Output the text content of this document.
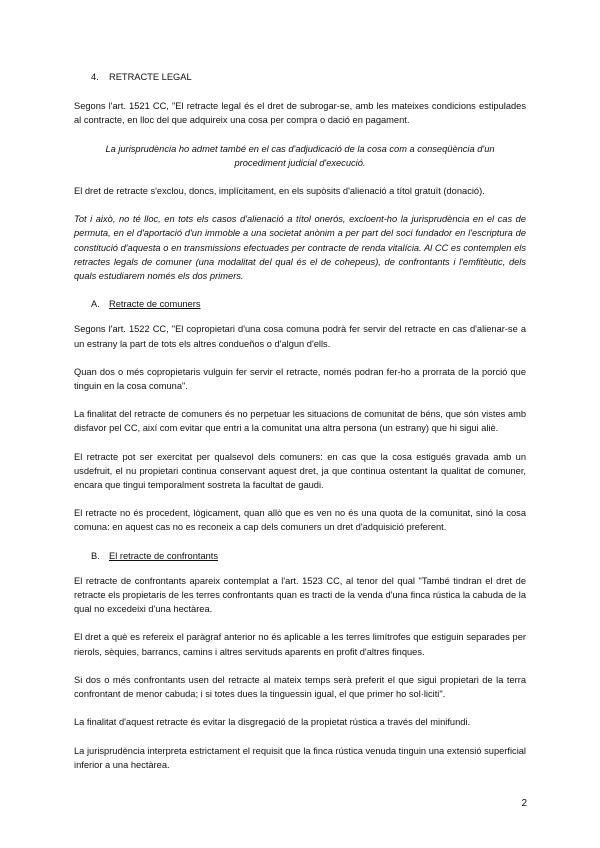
4. RETRACTE LEGAL

Segons l'art. 1521 CC, "El retracte legal és el dret de subrogar-se, amb les mateixes condicions estipulades al contracte, en lloc del que adquireix una cosa per compra o dació en pagament.

La jurisprudència ho admet també en el cas d'adjudicació de la cosa com a conseqüència d'un procediment judicial d'execució.

El dret de retracte s'exclou, doncs, implícitament, en els supòsits d'alienació a títol gratuït (donació).

Tot i això, no té lloc, en tots els casos d'alienació a títol onerós, excloent-ho la jurisprudència en el cas de permuta, en el d'aportació d'un immoble a una societat anònim a per part del soci fundador en l'escriptura de constitució d'aquesta o en transmissions efectuades per contracte de renda vitalícia. Al CC es contemplen els retractes legals de comuner (una modalitat del qual és el de coheреus), de confrontants i l'emfitèutic, dels quals estudiarem només els dos primers.

A. Retracte de comuners

Segons l'art. 1522 CC, "El copropietari d'una cosa comuna podrà fer servir del retracte en cas d'alienar-se a un estrany la part de tots els altres condueños o d'algun d'ells.

Quan dos o més copropietaris vulguin fer servir el retracte, només podran fer-ho a prorrata de la porció que tinguin en la cosa comuna".

La finalitat del retracte de comuners és no perpetuar les situacions de comunitat de béns, que són vistes amb disfavor pel CC, així com evitar que entri a la comunitat una altra persona (un estrany) que hi sigui aliè.

El retracte pot ser exercitat per qualsevol dels comuners: en cas que la cosa estigués gravada amb un usdefruit, el nu propietari continua conservant aquest dret, ja que continua ostentant la qualitat de comuner, encara que tingui temporalment sostreta la facultat de gaudi.

El retracte no és procedent, lògicament, quan allò que es ven no és una quota de la comunitat, sinó la cosa comuna: en aquest cas no es reconeix a cap dels comuners un dret d'adquisició preferent.

B. El retracte de confrontants

El retracte de confrontants apareix contemplat a l'art. 1523 CC, al tenor del qual "També tindran el dret de retracte els propietaris de les terres confrontants quan es tracti de la venda d'una finca rústica la cabuda de la qual no excedeixi d'una hectàrea.

El dret a què es refereix el paràgraf anterior no és aplicable a les terres limítrofes que estiguin separades per rierols, sèquies, barrancs, camins i altres servituds aparents en profit d'altres finques.

Si dos o més confrontants usen del retracte al mateix temps serà preferit el que sigui propietari de la terra confrontant de menor cabuda; i si totes dues la tinguessin igual, el que primer ho sol·liciti".

La finalitat d'aquest retracte és evitar la disgregació de la propietat rústica a través del minifundi.

La jurisprudència interpreta estrictament el requisit que la finca rústica venuda tinguin una extensió superficial inferior a una hectàrea.

2
